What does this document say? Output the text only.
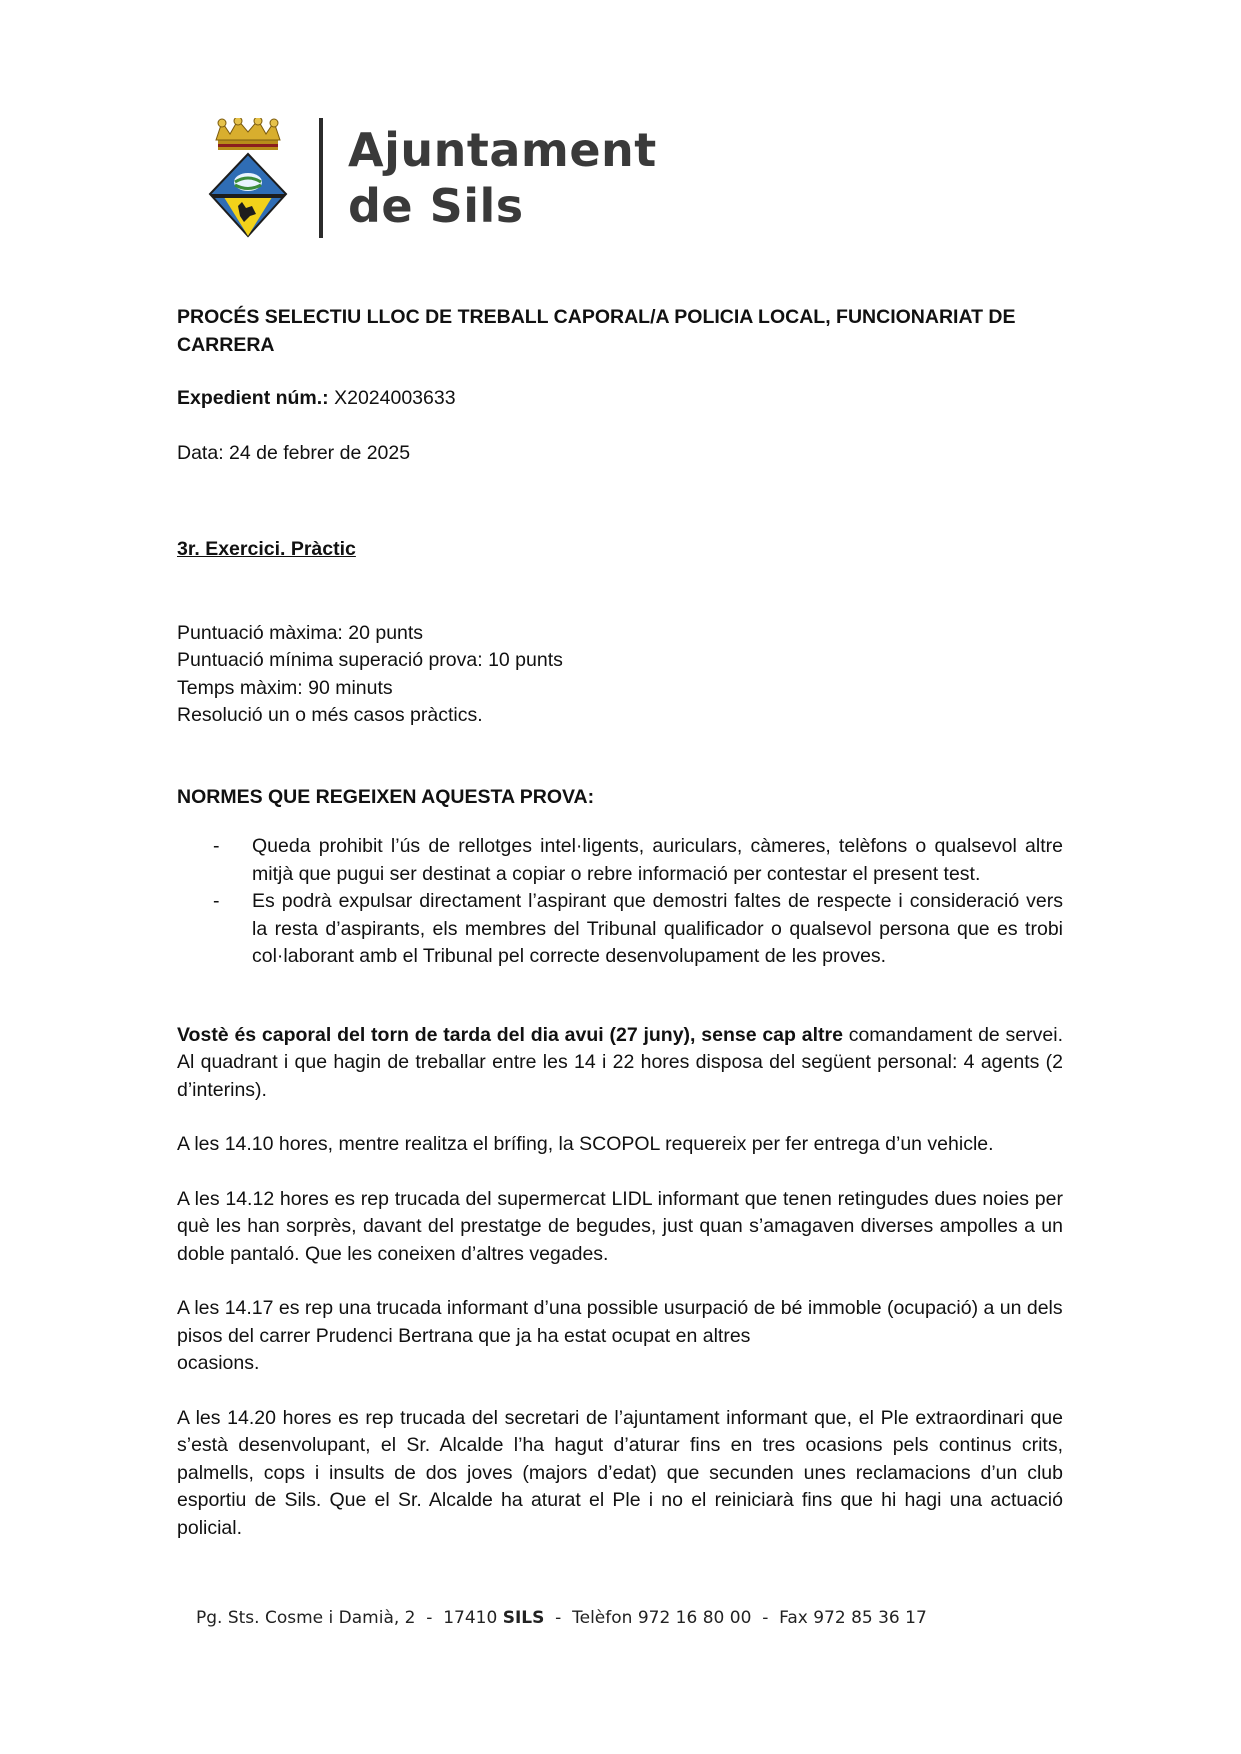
Ajuntament
de Sils

PROCÉS SELECTIU LLOC DE TREBALL CAPORAL/A POLICIA LOCAL, FUNCIONARIAT DE CARRERA

Expedient núm.: X2024003633

Data: 24 de febrer de 2025

3r. Exercici. Pràctic

Puntuació màxima: 20 punts

Puntuació mínima superació prova: 10 punts

Temps màxim: 90 minuts

Resolució un o més casos pràctics.

NORMES QUE REGEIXEN AQUESTA PROVA:

- Queda prohibit l’ús de rellotges intel·ligents, auriculars, càmeres, telèfons o qualsevol altre mitjà que pugui ser destinat a copiar o rebre informació per contestar el present test.
- Es podrà expulsar directament l’aspirant que demostri faltes de respecte i consideració vers la resta d’aspirants, els membres del Tribunal qualificador o qualsevol persona que es trobi col·laborant amb el Tribunal pel correcte desenvolupament de les proves.

Vostè és caporal del torn de tarda del dia avui (27 juny), sense cap altre comandament de servei. Al quadrant i que hagin de treballar entre les 14 i 22 hores disposa del següent personal: 4 agents (2 d’interins).

A les 14.10 hores, mentre realitza el brífing, la SCOPOL requereix per fer entrega d’un vehicle.

A les 14.12 hores es rep trucada del supermercat LIDL informant que tenen retingudes dues noies per què les han sorprès, davant del prestatge de begudes, just quan s’amagaven diverses ampolles a un doble pantaló. Que les coneixen d’altres vegades.

A les 14.17 es rep una trucada informant d’una possible usurpació de bé immoble (ocupació) a un dels pisos del carrer Prudenci Bertrana que ja ha estat ocupat en altres

ocasions.

A les 14.20 hores es rep trucada del secretari de l’ajuntament informant que, el Ple extraordinari que s’està desenvolupant, el Sr. Alcalde l’ha hagut d’aturar fins en tres ocasions pels continus crits, palmells, cops i insults de dos joves (majors d’edat) que secunden unes reclamacions d’un club esportiu de Sils. Que el Sr. Alcalde ha aturat el Ple i no el reiniciarà fins que hi hagi una actuació policial.

Pg. Sts. Cosme i Damià, 2  -  17410 SILS  -  Telèfon 972 16 80 00  -  Fax 972 85 36 17
